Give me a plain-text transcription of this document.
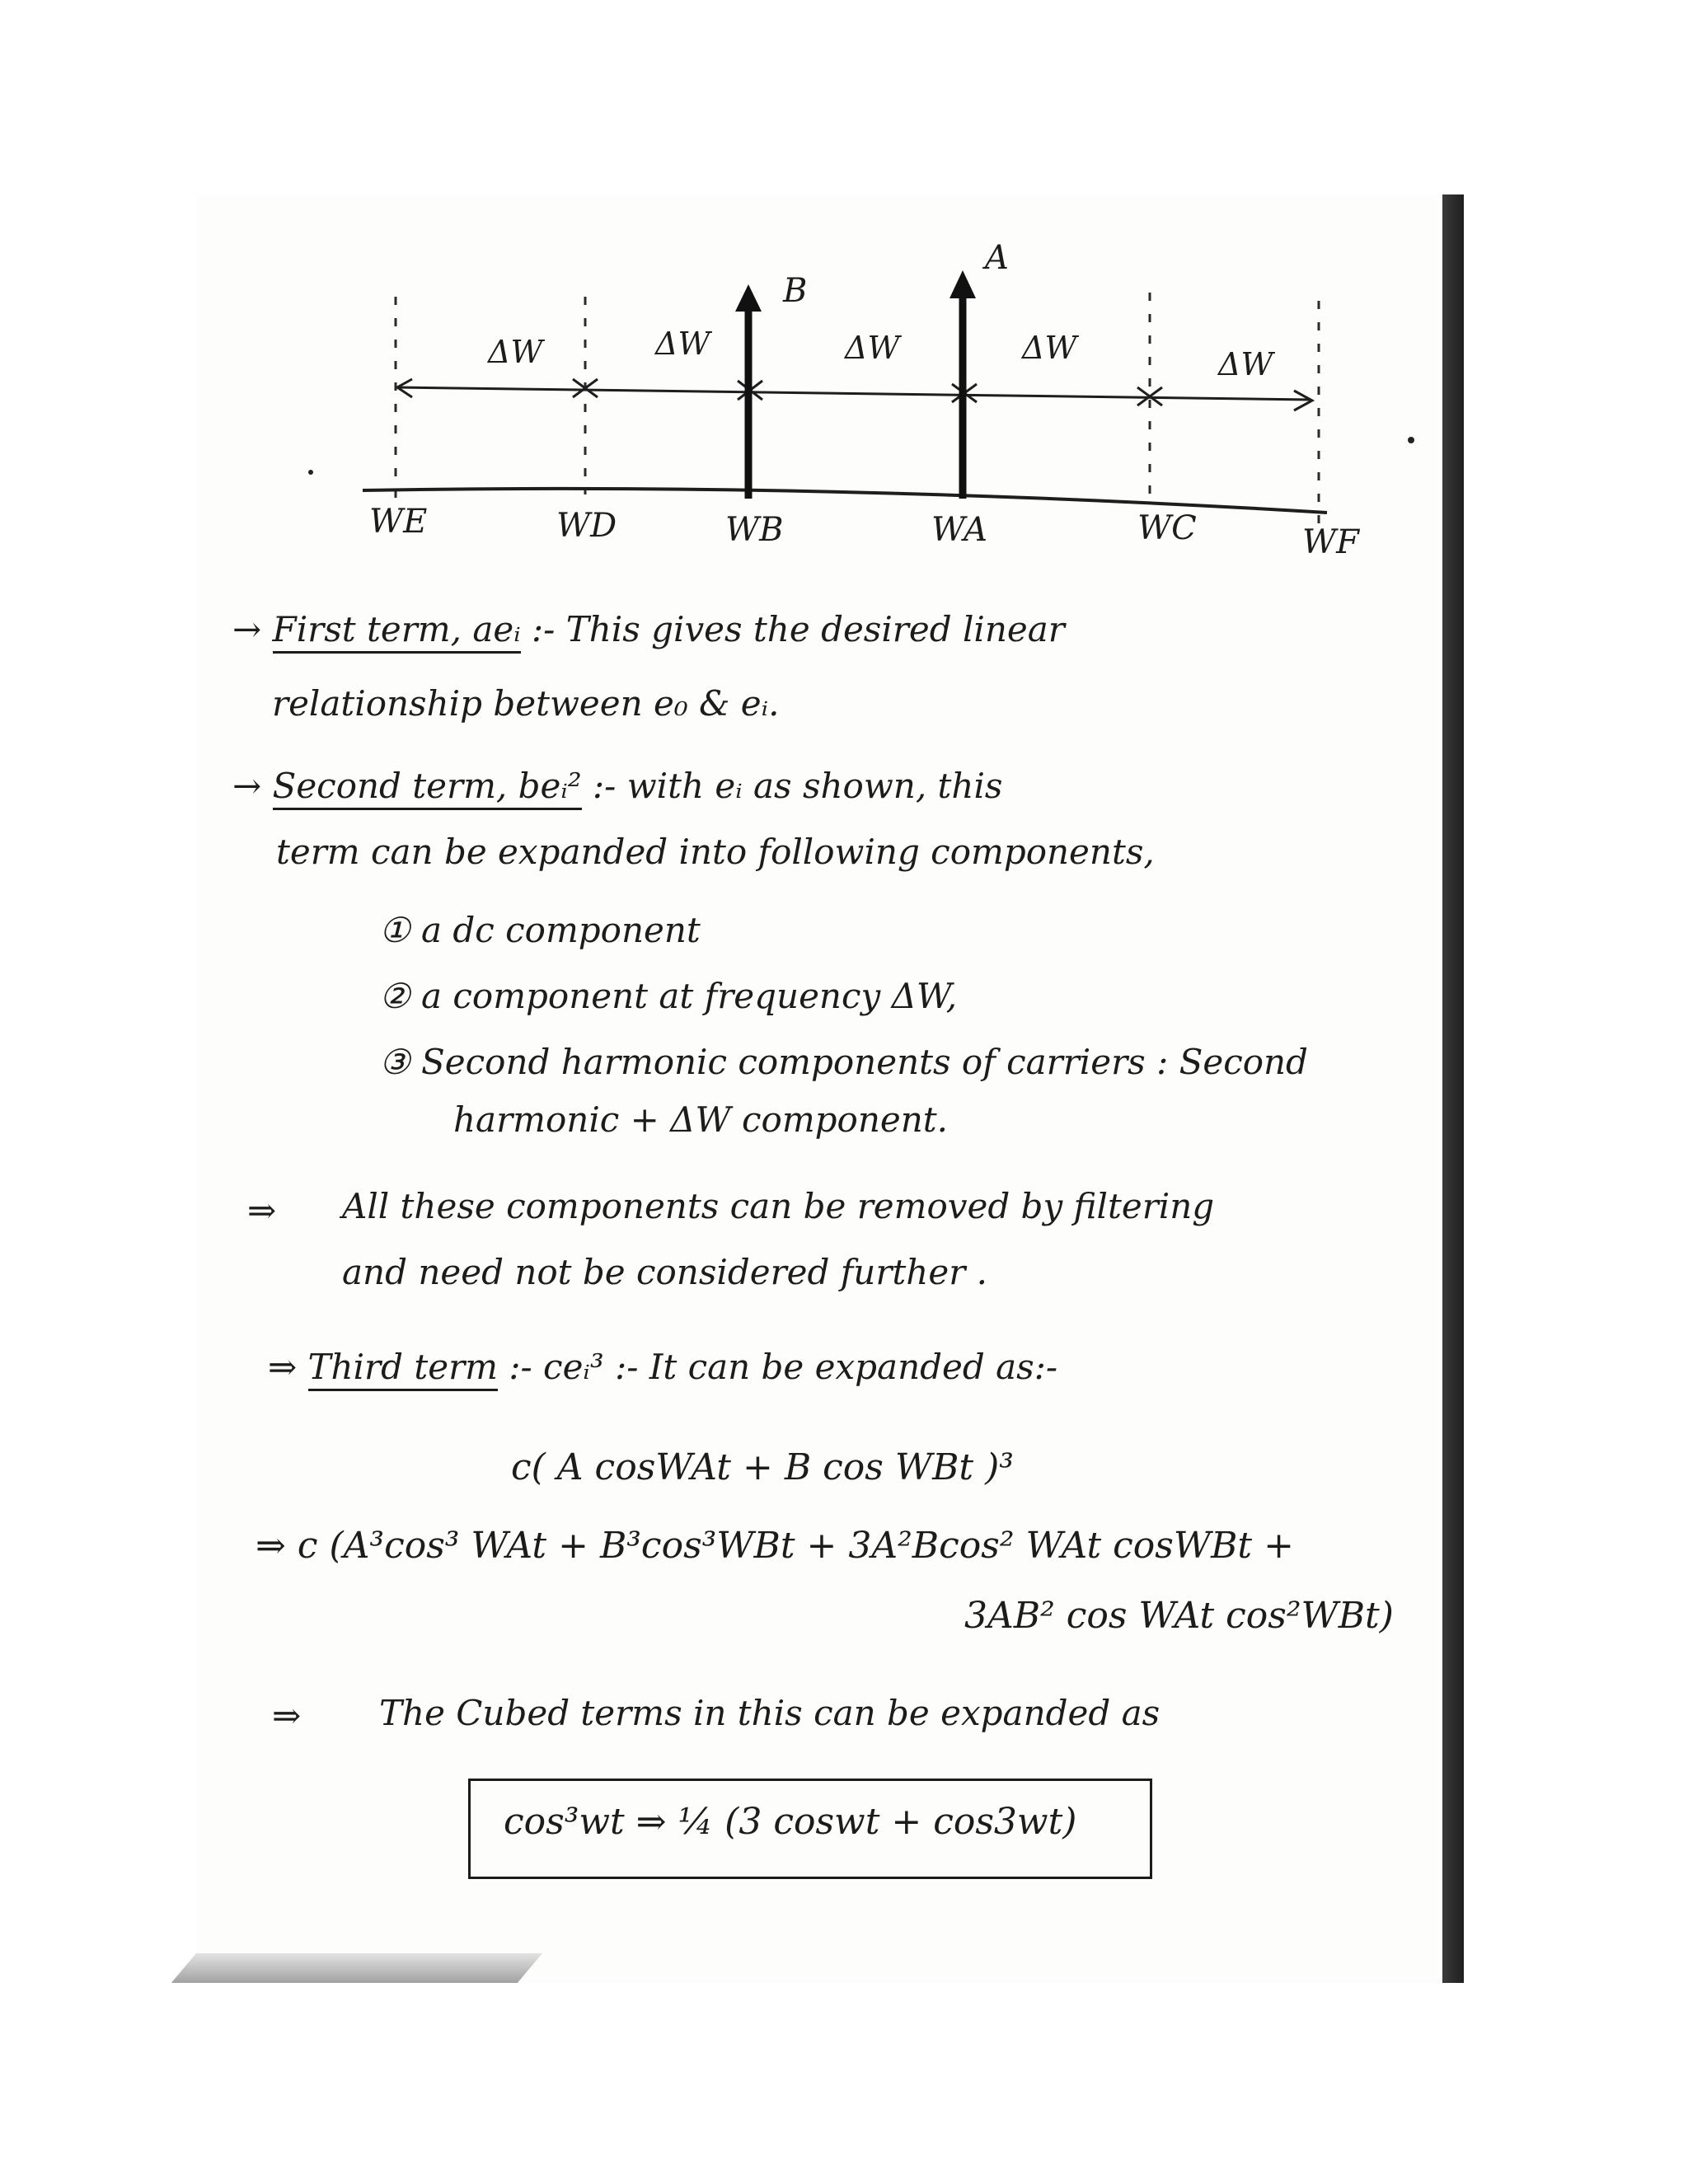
ΔW	ΔW	ΔW	ΔW	ΔW
B
A
WE	WD	WB	WA	WC	WF
→ First term, aeᵢ :- This gives the desired linear
relationship between e₀ & eᵢ.
→ Second term, beᵢ² :- with eᵢ as shown, this
term can be expanded into following components,
① a dc component
② a component at frequency ΔW,
③ Second harmonic components of carriers : Second
harmonic + ΔW component.
⇒ All these components can be removed by filtering
and need not be considered further .
⇒ Third term :- ceᵢ³ :- It can be expanded as:-
c( A cosWAt + B cos WBt )³
⇒ c (A³cos³ WAt + B³cos³WBt + 3A²Bcos² WAt cosWBt +
3AB² cos WAt cos²WBt)
⇒ The Cubed terms in this can be expanded as
cos³wt ⇒ ¼ (3 coswt + cos3wt)
